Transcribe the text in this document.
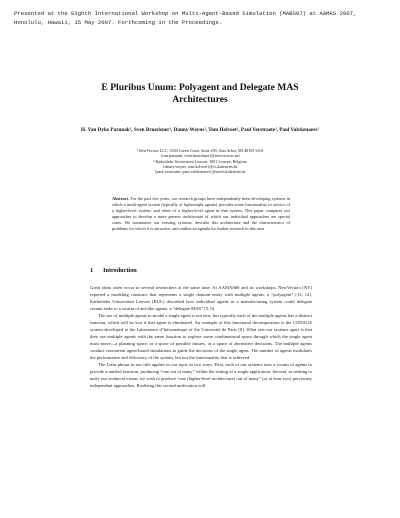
Presented at the Eighth International Workshop on Multi-Agent-Based Simulation (MABS07) at AAMAS 2007, Honolulu, Hawaii, 15 May 2007. Forthcoming in the Proceedings.
E Pluribus Unum: Polyagent and Delegate MAS Architectures
H. Van Dyke Parunak¹, Sven Brueckner¹, Danny Weyns², Tom Holvoet², Paul Verstraete², Paul Valckenaers²
¹ NewVectors LLC, 3520 Green Court, Suite 250, Ann Arbor, MI 48105 USA
{van.parunak, sven.brueckner}@newvectors.net
² Katholieke Universiteit Leuven, 3001 Leuven, Belgium
{danny.weyns, tom.holvoet}@cs.kuleuven.be
{paul.verstraete, paul.valckenaers}@mech.kuleuven.be
Abstract. For the past few years, our research groups have independently been developing systems in which a multi-agent system (typically of lightweight agents) provides some functionality in service of a higher-level system, and often of a higher-level agent in that system. This paper compares our approaches to develop a more generic architecture of which our individual approaches are special cases. We summarize our existing systems, describe this architecture and the characteristics of problems for which it is attractive, and outline an agenda for further research in this area.
1 Introduction

Great ideas often occur to several researchers at the same time. At AAMAS06 and its workshops, NewVectors (NV) reported a modeling construct that represents a single domain entity with multiple agents, a “polyagent” [13, 14]. Katholieke Universiteit Leuven (KUL) described how individual agents in a manufacturing system could delegate certain tasks to a swarm of ant-like agents, a “delegate MAS” [5, 6].

The use of multiple agents to model a single agent is not new, but typically each of the multiple agents has a distinct function, which will be lost if that agent is eliminated. An example of this functional decomposition is the CODAGE system developed at the Laboratoire d’Informatique of the Université de Paris [8]. What sets our systems apart is that they use multiple agents with the same function to explore some combinatorial space through which the single agent must move—a planning space, or a space of possible futures, or a space of alternative decisions. The multiple agents conduct concurrent agent-based simulations to guide the decisions of the single agent. The number of agents modulates the performance and efficiency of the system, but not the functionality that is achieved.

The Latin phrase in our title applies to our topic in two ways. First, each of our systems uses a swarm of agents to provide a unified function, producing “one out of many” within the setting of a single application. Second, in seeking to unify our technical vision, we wish to produce “one (higher-level architecture) out of many” (or at least two) previously independent approaches. Realizing this second unification will
